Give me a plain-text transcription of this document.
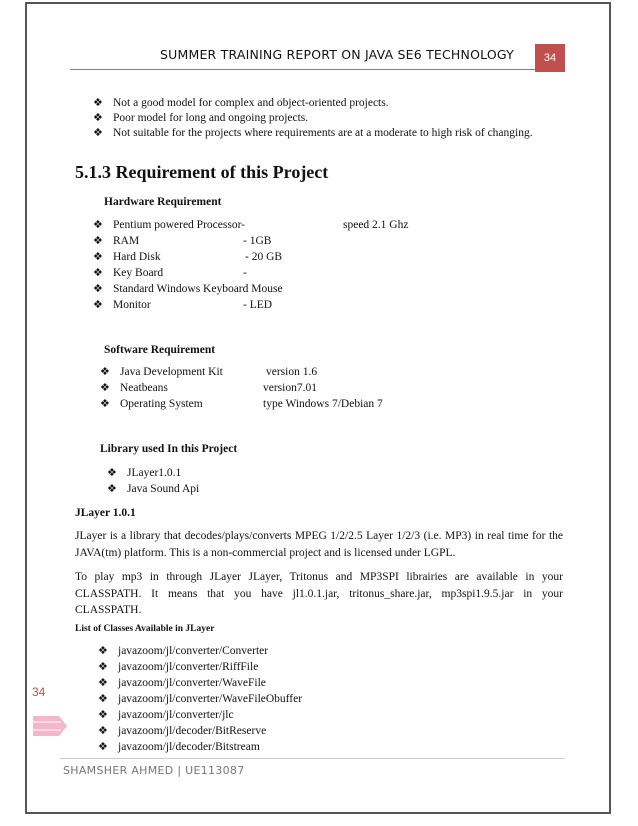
SUMMER TRAINING REPORT ON JAVA SE6 TECHNOLOGY	34
❖ Not a good model for complex and object-oriented projects.
❖ Poor model for long and ongoing projects.
❖ Not suitable for the projects where requirements are at a moderate to high risk of changing.
5.1.3 Requirement of this Project
Hardware Requirement
❖ Pentium powered Processor-	speed 2.1 Ghz
❖ RAM	- 1GB
❖ Hard Disk	- 20 GB
❖ Key Board	-
❖ Standard Windows Keyboard Mouse
❖ Monitor	- LED
Software Requirement
❖ Java Development Kit	version 1.6
❖ Neatbeans	version7.01
❖ Operating System	type Windows 7/Debian 7
Library used In this Project
❖ JLayer1.0.1
❖ Java Sound Api
JLayer 1.0.1

JLayer is a library that decodes/plays/converts MPEG 1/2/2.5 Layer 1/2/3 (i.e. MP3) in real time for the JAVA(tm) platform. This is a non-commercial project and is licensed under LGPL.

To play mp3 in through JLayer JLayer, Tritonus and MP3SPI librairies are available in your CLASSPATH. It means that you have jl1.0.1.jar, tritonus_share.jar, mp3spi1.9.5.jar in your CLASSPATH.

List of Classes Available in JLayer
❖ javazoom/jl/converter/Converter
❖ javazoom/jl/converter/RiffFile
❖ javazoom/jl/converter/WaveFile
❖ javazoom/jl/converter/WaveFileObuffer
❖ javazoom/jl/converter/jlc
❖ javazoom/jl/decoder/BitReserve
❖ javazoom/jl/decoder/Bitstream
34
SHAMSHER AHMED | UE113087
